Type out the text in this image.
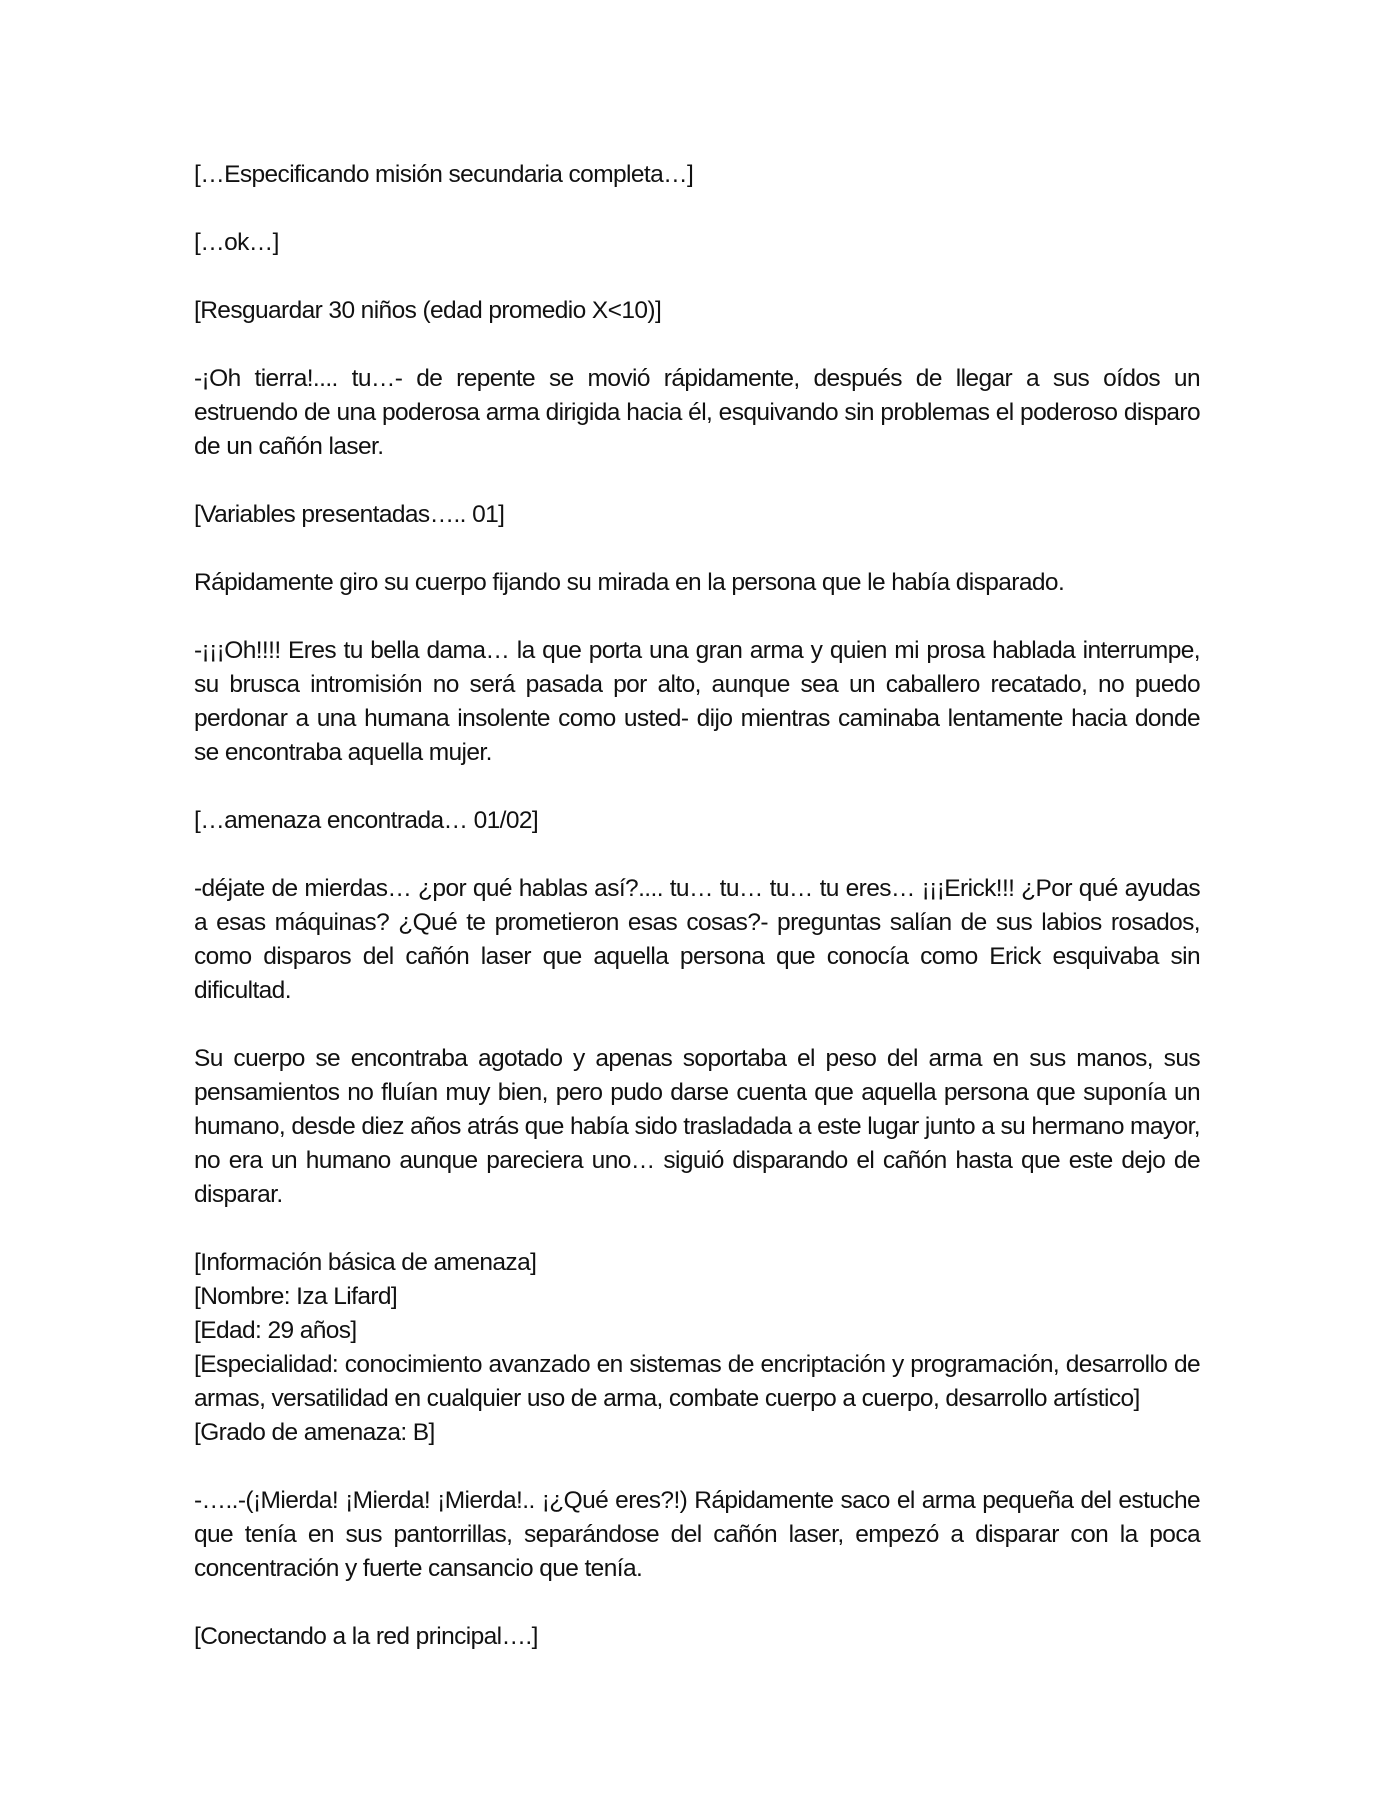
[…Especificando misión secundaria completa…]

[…ok…]

[Resguardar 30 niños (edad promedio X<10)]

-¡Oh tierra!.... tu…- de repente se movió rápidamente, después de llegar a sus oídos un estruendo de una poderosa arma dirigida hacia él, esquivando sin problemas el poderoso disparo de un cañón laser.

[Variables presentadas….. 01]

Rápidamente giro su cuerpo fijando su mirada en la persona que le había disparado.

-¡¡¡Oh!!!! Eres tu bella dama… la que porta una gran arma y quien mi prosa hablada interrumpe, su brusca intromisión no será pasada por alto, aunque sea un caballero recatado, no puedo perdonar a una humana insolente como usted- dijo mientras caminaba lentamente hacia donde se encontraba aquella mujer.

[…amenaza encontrada… 01/02]

-déjate de mierdas… ¿por qué hablas así?.... tu… tu… tu… tu eres… ¡¡¡Erick!!! ¿Por qué ayudas a esas máquinas? ¿Qué te prometieron esas cosas?- preguntas salían de sus labios rosados, como disparos del cañón laser que aquella persona que conocía como Erick esquivaba sin dificultad.

Su cuerpo se encontraba agotado y apenas soportaba el peso del arma en sus manos, sus pensamientos no fluían muy bien, pero pudo darse cuenta que aquella persona que suponía un humano, desde diez años atrás que había sido trasladada a este lugar junto a su hermano mayor, no era un humano aunque pareciera uno… siguió disparando el cañón hasta que este dejo de disparar.

[Información básica de amenaza]

[Nombre: Iza Lifard]

[Edad: 29 años]

[Especialidad: conocimiento avanzado en sistemas de encriptación y programación, desarrollo de armas, versatilidad en cualquier uso de arma, combate cuerpo a cuerpo, desarrollo artístico]

[Grado de amenaza: B]

-…..-(¡Mierda! ¡Mierda! ¡Mierda!.. ¡¿Qué eres?!) Rápidamente saco el arma pequeña del estuche que tenía en sus pantorrillas, separándose del cañón laser, empezó a disparar con la poca concentración y fuerte cansancio que tenía.

[Conectando a la red principal….]
